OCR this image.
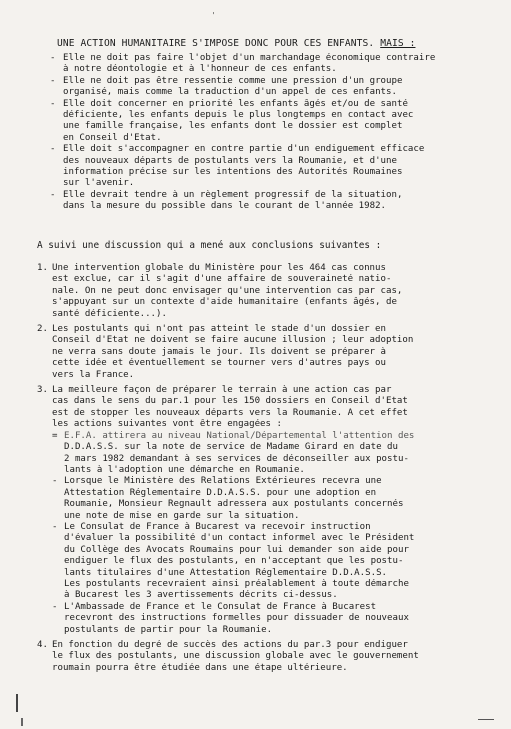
'
UNE ACTION HUMANITAIRE S'IMPOSE DONC POUR CES ENFANTS. MAIS :
- Elle ne doit pas faire l'objet d'un marchandage économique contraire
à notre déontologie et à l'honneur de ces enfants.
- Elle ne doit pas être ressentie comme une pression d'un groupe
organisé, mais comme la traduction d'un appel de ces enfants.
- Elle doit concerner en priorité les enfants âgés et/ou de santé
déficiente, les enfants depuis le plus longtemps en contact avec
une famille française, les enfants dont le dossier est complet
en Conseil d'Etat.
- Elle doit s'accompagner en contre partie d'un endiguement efficace
des nouveaux départs de postulants vers la Roumanie, et d'une
information précise sur les intentions des Autorités Roumaines
sur l'avenir.
- Elle devrait tendre à un règlement progressif de la situation,
dans la mesure du possible dans le courant de l'année 1982.
A suivi une discussion qui a mené aux conclusions suivantes :
1. Une intervention globale du Ministère pour les 464 cas connus
est exclue, car il s'agit d'une affaire de souveraineté natio-
nale. On ne peut donc envisager qu'une intervention cas par cas,
s'appuyant sur un contexte d'aide humanitaire (enfants âgés, de
santé déficiente...).
2. Les postulants qui n'ont pas atteint le stade d'un dossier en
Conseil d'Etat ne doivent se faire aucune illusion ; leur adoption
ne verra sans doute jamais le jour. Ils doivent se préparer à
cette idée et éventuellement se tourner vers d'autres pays ou
vers la France.
3. La meilleure façon de préparer le terrain à une action cas par
cas dans le sens du par.1 pour les 150 dossiers en Conseil d'Etat
est de stopper les nouveaux départs vers la Roumanie. A cet effet
les actions suivantes vont être engagées :
= E.F.A. attirera au niveau National/Départemental l'attention des
D.D.A.S.S. sur la note de service de Madame Girard en date du
2 mars 1982 demandant à ses services de déconseiller aux postu-
lants à l'adoption une démarche en Roumanie.
- Lorsque le Ministère des Relations Extérieures recevra une
Attestation Réglementaire D.D.A.S.S. pour une adoption en
Roumanie, Monsieur Regnault adressera aux postulants concernés
une note de mise en garde sur la situation.
- Le Consulat de France à Bucarest va recevoir instruction
d'évaluer la possibilité d'un contact informel avec le Président
du Collège des Avocats Roumains pour lui demander son aide pour
endiguer le flux des postulants, en n'acceptant que les postu-
lants titulaires d'une Attestation Réglementaire D.D.A.S.S.
Les postulants recevraient ainsi préalablement à toute démarche
à Bucarest les 3 avertissements décrits ci-dessus.
- L'Ambassade de France et le Consulat de France à Bucarest
recevront des instructions formelles pour dissuader de nouveaux
postulants de partir pour la Roumanie.
4. En fonction du degré de succès des actions du par.3 pour endiguer
le flux des postulants, une discussion globale avec le gouvernement
roumain pourra être étudiée dans une étape ultérieure.
